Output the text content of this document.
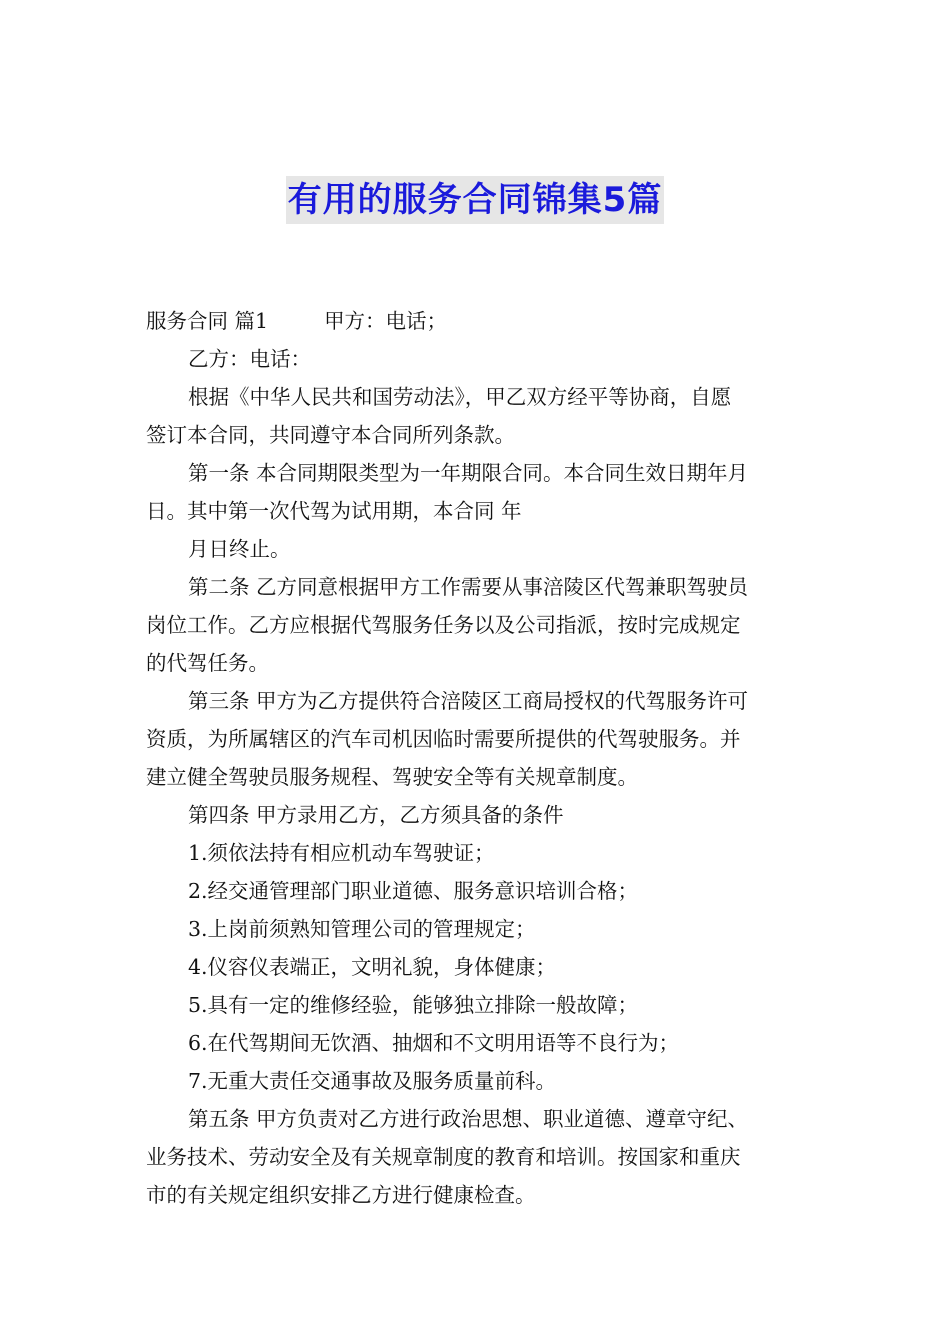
有用的服务合同锦集5篇
服务合同 篇1	甲方：电话；
乙方：电话：
根据《中华人民共和国劳动法》，甲乙双方经平等协商，自愿
签订本合同，共同遵守本合同所列条款。
第一条 本合同期限类型为一年期限合同。本合同生效日期年月
日。其中第一次代驾为试用期，本合同 年
月日终止。
第二条 乙方同意根据甲方工作需要从事涪陵区代驾兼职驾驶员
岗位工作。乙方应根据代驾服务任务以及公司指派，按时完成规定
的代驾任务。
第三条 甲方为乙方提供符合涪陵区工商局授权的代驾服务许可
资质，为所属辖区的汽车司机因临时需要所提供的代驾驶服务。并
建立健全驾驶员服务规程、驾驶安全等有关规章制度。
第四条 甲方录用乙方，乙方须具备的条件
1.须依法持有相应机动车驾驶证；
2.经交通管理部门职业道德、服务意识培训合格；
3.上岗前须熟知管理公司的管理规定；
4.仪容仪表端正，文明礼貌，身体健康；
5.具有一定的维修经验，能够独立排除一般故障；
6.在代驾期间无饮酒、抽烟和不文明用语等不良行为；
7.无重大责任交通事故及服务质量前科。
第五条 甲方负责对乙方进行政治思想、职业道德、遵章守纪、
业务技术、劳动安全及有关规章制度的教育和培训。按国家和重庆
市的有关规定组织安排乙方进行健康检查。
